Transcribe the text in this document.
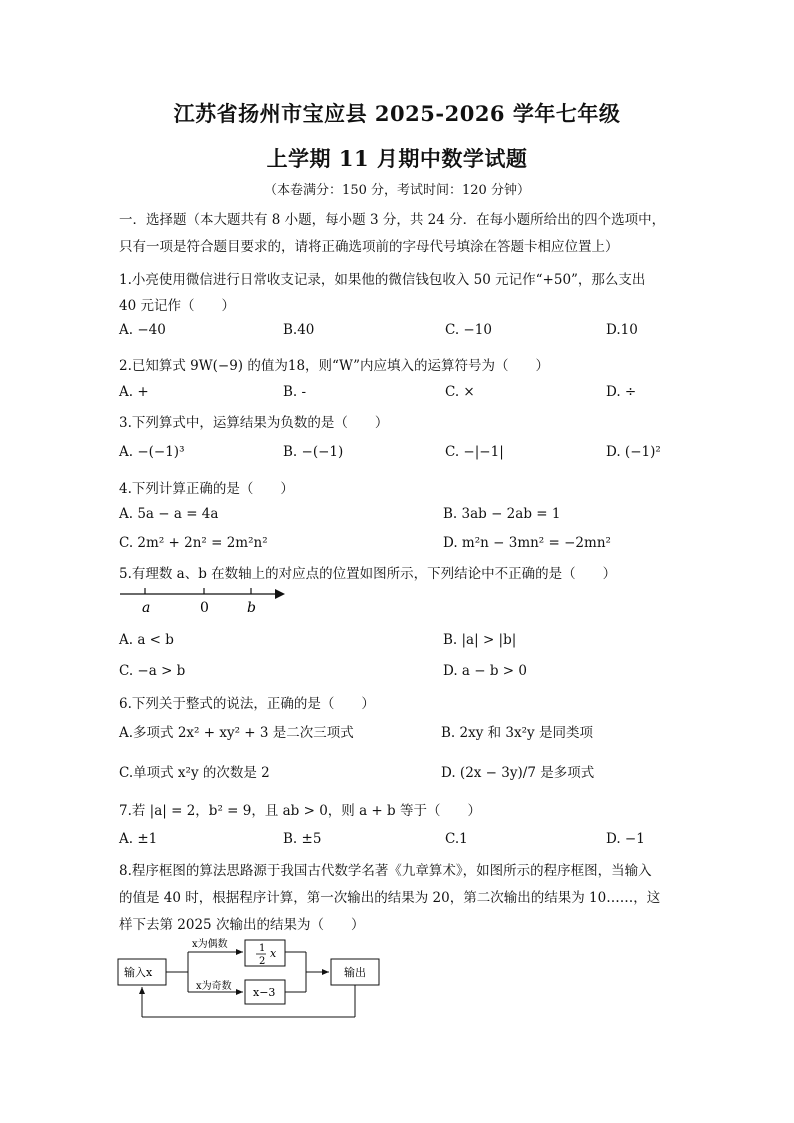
江苏省扬州市宝应县 2025-2026 学年七年级
上学期 11 月期中数学试题
（本卷满分：150 分，考试时间：120 分钟）
一．选择题（本大题共有 8 小题，每小题 3 分，共 24 分．在每小题所给出的四个选项中，
只有一项是符合题目要求的，请将正确选项前的字母代号填涂在答题卡相应位置上）
1.小亮使用微信进行日常收支记录，如果他的微信钱包收入 50 元记作“+50”，那么支出
40 元记作（　　）
A. −40	B.40	C. −10	D.10
2.已知算式 9W(−9) 的值为18，则“W”内应填入的运算符号为（　　）
A. +	B. -	C. ×	D. ÷
3.下列算式中，运算结果为负数的是（　　）
A. −(−1)³	B. −(−1)	C. −|−1|	D. (−1)²
4.下列计算正确的是（　　）
A. 5a − a = 4a	B. 3ab − 2ab = 1
C. 2m² + 2n² = 2m²n²	D. m²n − 3mn² = −2mn²
5.有理数 a、b 在数轴上的对应点的位置如图所示，下列结论中不正确的是（　　）
a	0	b
A. a < b	B. |a| > |b|
C. −a > b	D. a − b > 0
6.下列关于整式的说法，正确的是（　　）
A.多项式 2x² + xy² + 3 是二次三项式	B. 2xy 和 3x²y 是同类项
C.单项式 x²y 的次数是 2	D. (2x − 3y)/7 是多项式
7.若 |a| = 2，b² = 9，且 ab > 0，则 a + b 等于（　　）
A. ±1	B. ±5	C.1	D. −1
8.程序框图的算法思路源于我国古代数学名著《九章算术》，如图所示的程序框图，当输入
的值是 40 时，根据程序计算，第一次输出的结果为 20，第二次输出的结果为 10……，这
样下去第 2025 次输出的结果为（　　）
输入x
x为偶数
x为奇数
1
2
x
x−3
输出
